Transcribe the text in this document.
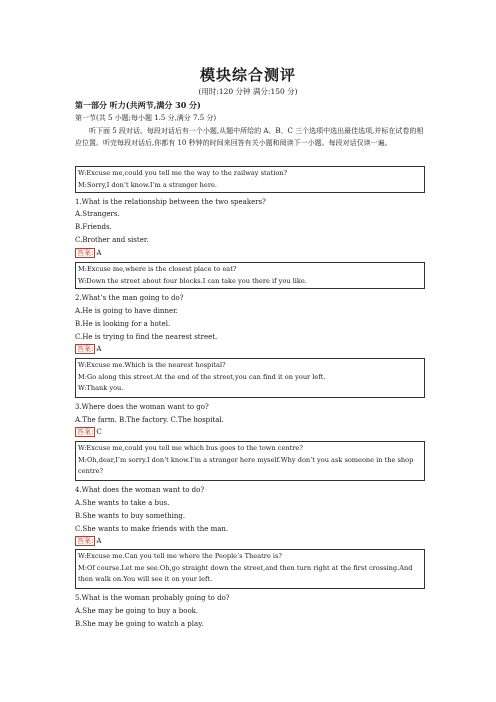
模块综合测评
(用时:120 分钟 满分:150 分)
第一部分 听力(共两节,满分 30 分)
第一节(共 5 小题;每小题 1.5 分,满分 7.5 分)
听下面 5 段对话。每段对话后有一个小题,从题中所给的 A、B、C 三个选项中选出最佳选项,并标在试卷的相应位置。听完每段对话后,你都有 10 秒钟的时间来回答有关小题和阅读下一小题。每段对话仅读一遍。
W:Excuse me,could you tell me the way to the railway station?
M:Sorry,I don’t know.I’m a stranger here.
1.What is the relationship between the two speakers?
A.Strangers.
B.Friends.
C.Brother and sister.
答案: A
M:Excuse me,where is the closest place to eat?
W:Down the street about four blocks.I can take you there if you like.
2.What’s the man going to do?
A.He is going to have dinner.
B.He is looking for a hotel.
C.He is trying to find the nearest street.
答案: A
W:Excuse me.Which is the nearest hospital?
M:Go along this street.At the end of the street,you can find it on your left.
W:Thank you.
3.Where does the woman want to go?
A.The farm. B.The factory. C.The hospital.
答案: C
W:Excuse me,could you tell me which bus goes to the town centre?
M:Oh,dear,I’m sorry.I don’t know.I’m a stranger here myself.Why don’t you ask someone in the shop centre?
4.What does the woman want to do?
A.She wants to take a bus.
B.She wants to buy something.
C.She wants to make friends with the man.
答案: A
W:Excuse me.Can you tell me where the People’s Theatre is?
M:Of course.Let me see.Oh,go straight down the street,and then turn right at the first crossing.And then walk on.You will see it on your left.
5.What is the woman probably going to do?
A.She may be going to buy a book.
B.She may be going to watch a play.
